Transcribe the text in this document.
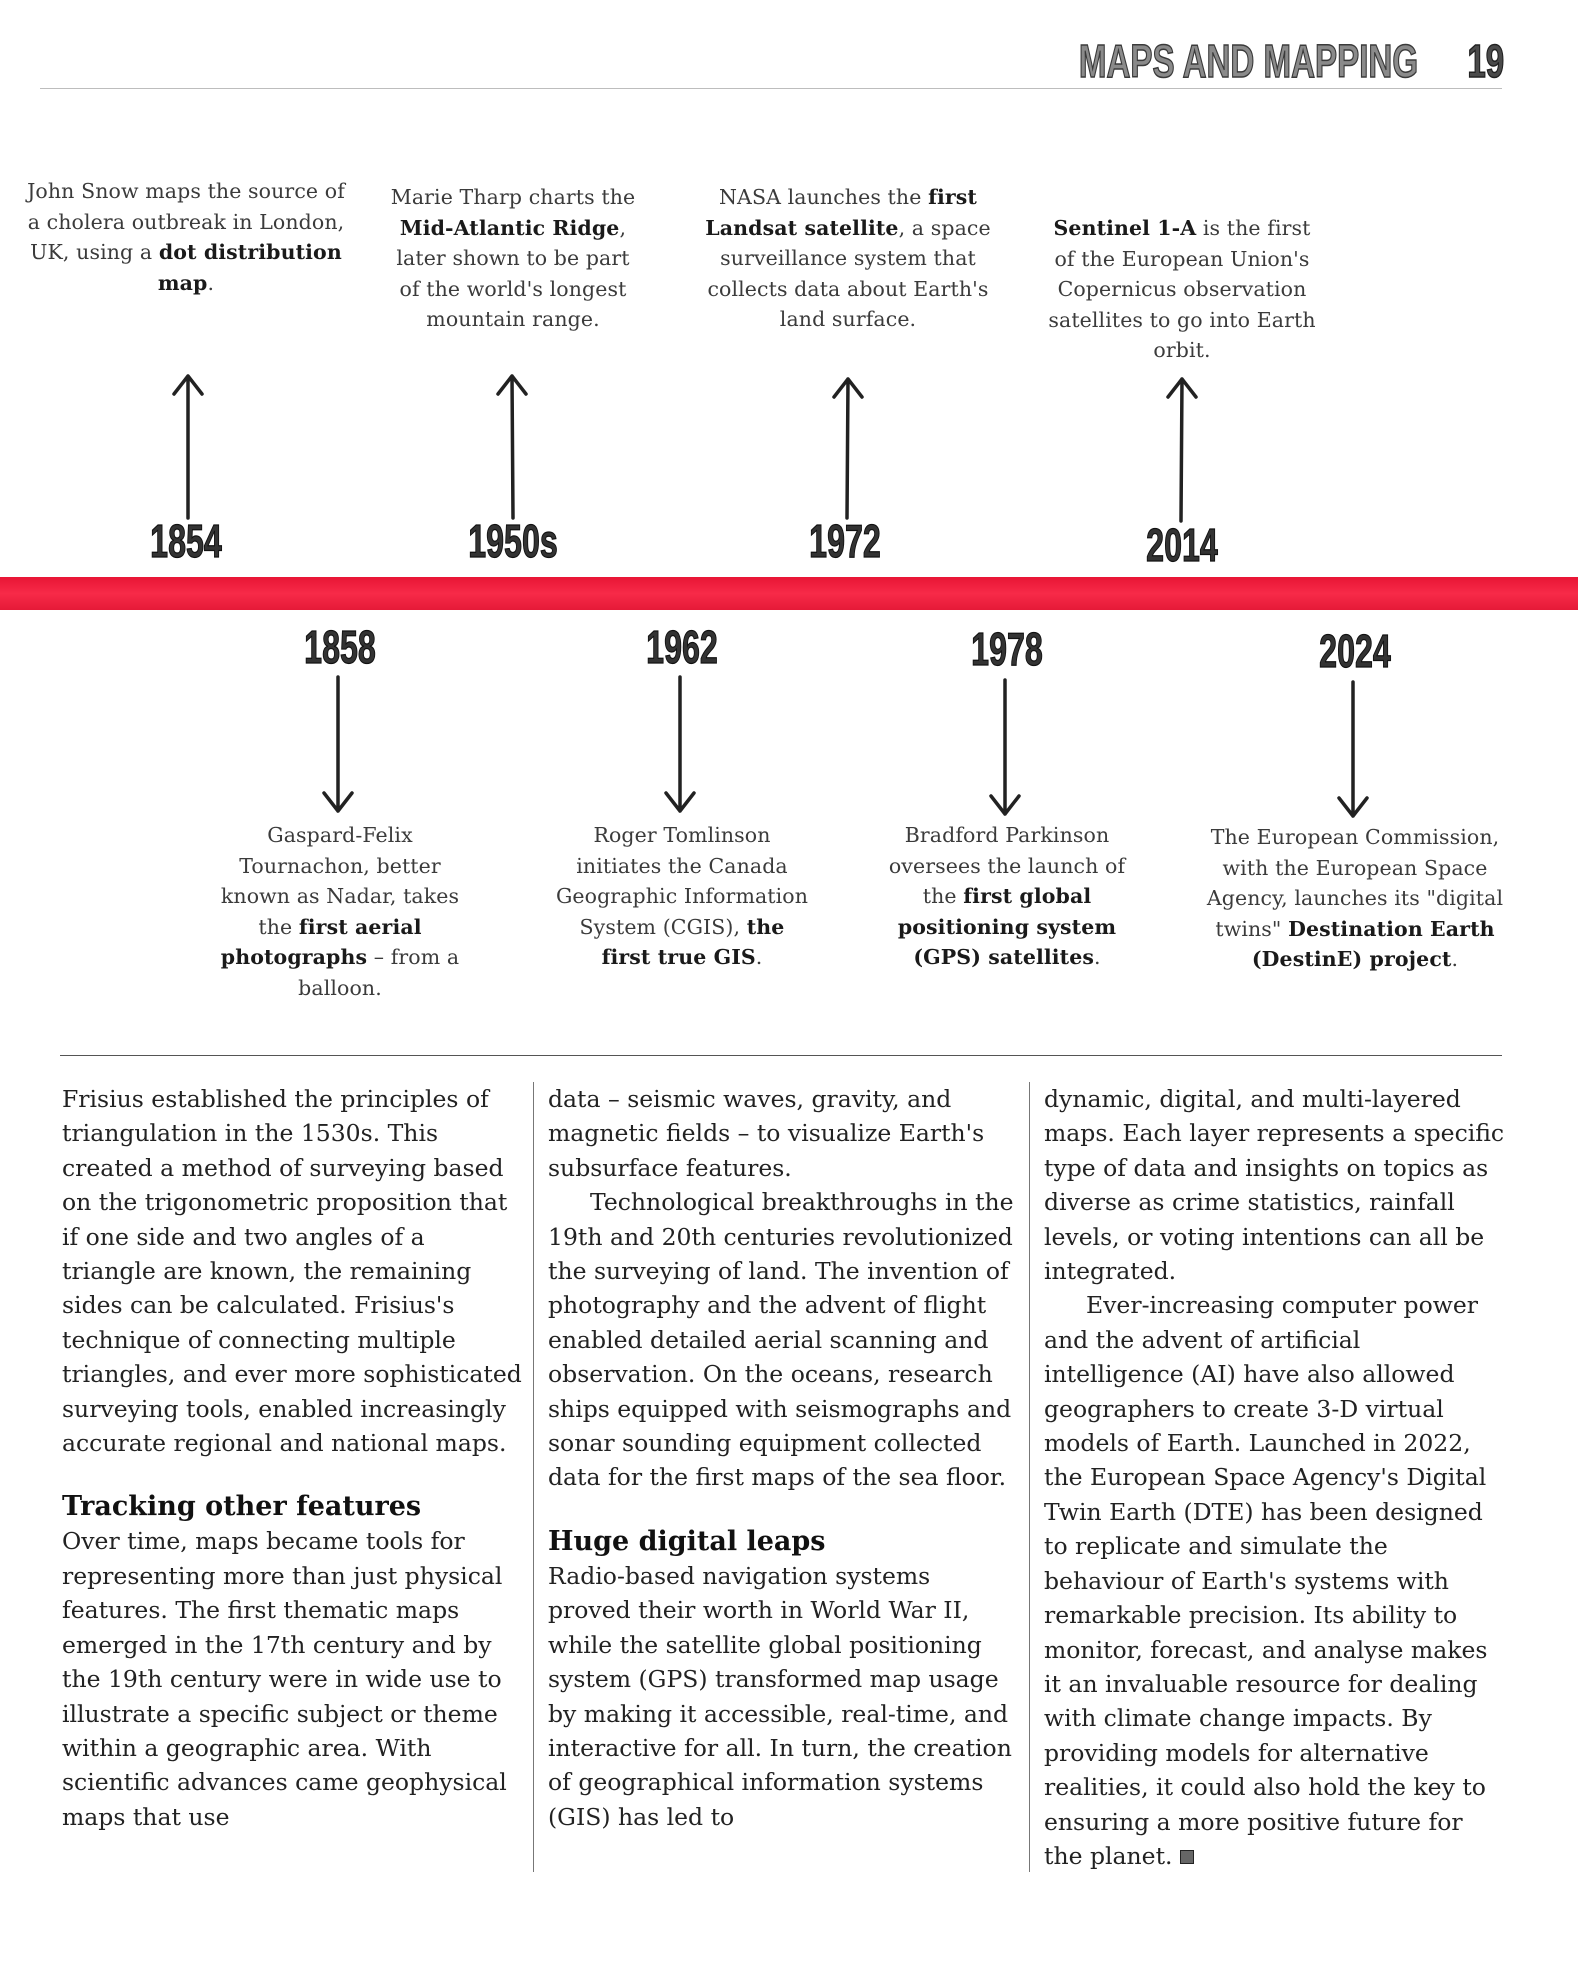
MAPS AND MAPPING 19
John Snow maps the source of a cholera outbreak in London, UK, using a dot distribution map.
Marie Tharp charts the Mid-Atlantic Ridge, later shown to be part of the world's longest mountain range.
NASA launches the first Landsat satellite, a space surveillance system that collects data about Earth's land surface.
Sentinel 1-A is the first of the European Union's Copernicus observation satellites to go into Earth orbit.
1854	1950s	1972	2014
1858	1962	1978	2024
Gaspard-Felix Tournachon, better known as Nadar, takes the first aerial photographs – from a balloon.
Roger Tomlinson initiates the Canada Geographic Information System (CGIS), the first true GIS.
Bradford Parkinson oversees the launch of the first global positioning system (GPS) satellites.
The European Commission, with the European Space Agency, launches its "digital twins" Destination Earth (DestinE) project.

Frisius established the principles of triangulation in the 1530s. This created a method of surveying based on the trigonometric proposition that if one side and two angles of a triangle are known, the remaining sides can be calculated. Frisius's technique of connecting multiple triangles, and ever more sophisticated surveying tools, enabled increasingly accurate regional and national maps.

Tracking other features

Over time, maps became tools for representing more than just physical features. The first thematic maps emerged in the 17th century and by the 19th century were in wide use to illustrate a specific subject or theme within a geographic area. With scientific advances came geophysical maps that use

data – seismic waves, gravity, and magnetic fields – to visualize Earth's subsurface features.

Technological breakthroughs in the 19th and 20th centuries revolutionized the surveying of land. The invention of photography and the advent of flight enabled detailed aerial scanning and observation. On the oceans, research ships equipped with seismographs and sonar sounding equipment collected data for the first maps of the sea floor.

Huge digital leaps

Radio-based navigation systems proved their worth in World War II, while the satellite global positioning system (GPS) transformed map usage by making it accessible, real-time, and interactive for all. In turn, the creation of geographical information systems (GIS) has led to

dynamic, digital, and multi-layered maps. Each layer represents a specific type of data and insights on topics as diverse as crime statistics, rainfall levels, or voting intentions can all be integrated.

Ever-increasing computer power and the advent of artificial intelligence (AI) have also allowed geographers to create 3-D virtual models of Earth. Launched in 2022, the European Space Agency's Digital Twin Earth (DTE) has been designed to replicate and simulate the behaviour of Earth's systems with remarkable precision. Its ability to monitor, forecast, and analyse makes it an invaluable resource for dealing with climate change impacts. By providing models for alternative realities, it could also hold the key to ensuring a more positive future for the planet.
